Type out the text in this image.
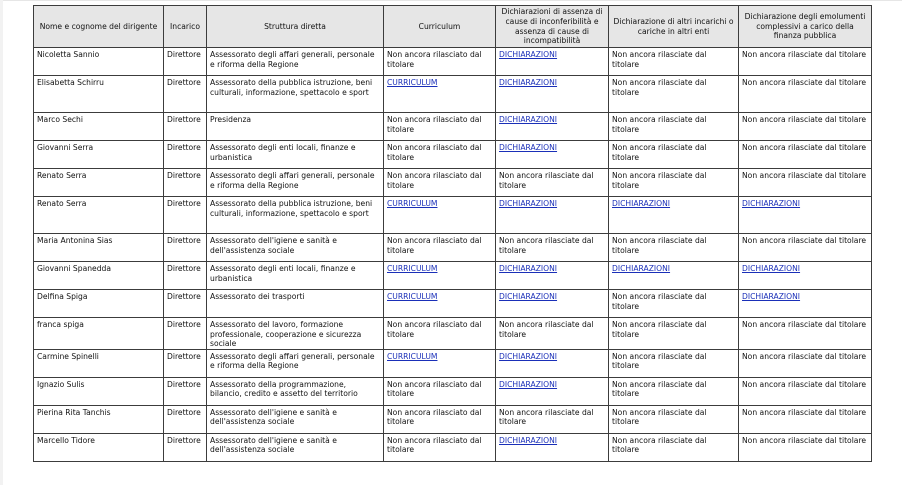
Nome e cognome del dirigente	Incarico	Struttura diretta	Curriculum	Dichiarazioni di assenza di cause di inconferibilità e assenza di cause di incompatibilità	Dichiarazione di altri incarichi o cariche in altri enti	Dichiarazione degli emolumenti complessivi a carico della finanza pubblica

Nicoletta Sannio	Direttore	Assessorato degli affari generali, personale e riforma della Regione	Non ancora rilasciato dal titolare	DICHIARAZIONI	Non ancora rilasciate dal titolare	Non ancora rilasciate dal titolare

Elisabetta Schirru	Direttore	Assessorato della pubblica istruzione, beni culturali, informazione, spettacolo e sport	CURRICULUM	DICHIARAZIONI	Non ancora rilasciate dal titolare	Non ancora rilasciate dal titolare

Marco Sechi	Direttore	Presidenza	Non ancora rilasciato dal titolare	DICHIARAZIONI	Non ancora rilasciate dal titolare	Non ancora rilasciate dal titolare

Giovanni Serra	Direttore	Assessorato degli enti locali, finanze e urbanistica	Non ancora rilasciato dal titolare	DICHIARAZIONI	Non ancora rilasciate dal titolare	Non ancora rilasciate dal titolare

Renato Serra	Direttore	Assessorato degli affari generali, personale e riforma della Regione	Non ancora rilasciato dal titolare	Non ancora rilasciate dal titolare	Non ancora rilasciate dal titolare	Non ancora rilasciate dal titolare

Renato Serra	Direttore	Assessorato della pubblica istruzione, beni culturali, informazione, spettacolo e sport	CURRICULUM	DICHIARAZIONI	DICHIARAZIONI	DICHIARAZIONI

Maria Antonina Sias	Direttore	Assessorato dell'igiene e sanità e dell'assistenza sociale	Non ancora rilasciato dal titolare	Non ancora rilasciate dal titolare	Non ancora rilasciate dal titolare	Non ancora rilasciate dal titolare

Giovanni Spanedda	Direttore	Assessorato degli enti locali, finanze e urbanistica	CURRICULUM	DICHIARAZIONI	DICHIARAZIONI	DICHIARAZIONI

Delfina Spiga	Direttore	Assessorato dei trasporti	CURRICULUM	DICHIARAZIONI	Non ancora rilasciate dal titolare	DICHIARAZIONI

franca spiga	Direttore	Assessorato del lavoro, formazione professionale, cooperazione e sicurezza sociale	Non ancora rilasciato dal titolare	Non ancora rilasciate dal titolare	Non ancora rilasciate dal titolare	Non ancora rilasciate dal titolare

Carmine Spinelli	Direttore	Assessorato degli affari generali, personale e riforma della Regione	CURRICULUM	DICHIARAZIONI	Non ancora rilasciate dal titolare	Non ancora rilasciate dal titolare

Ignazio Sulis	Direttore	Assessorato della programmazione, bilancio, credito e assetto del territorio	Non ancora rilasciato dal titolare	DICHIARAZIONI	Non ancora rilasciate dal titolare	Non ancora rilasciate dal titolare

Pierina Rita Tanchis	Direttore	Assessorato dell'igiene e sanità e dell'assistenza sociale	Non ancora rilasciato dal titolare	Non ancora rilasciate dal titolare	Non ancora rilasciate dal titolare	Non ancora rilasciate dal titolare

Marcello Tidore	Direttore	Assessorato dell'igiene e sanità e dell'assistenza sociale	Non ancora rilasciato dal titolare	DICHIARAZIONI	Non ancora rilasciate dal titolare	Non ancora rilasciate dal titolare
